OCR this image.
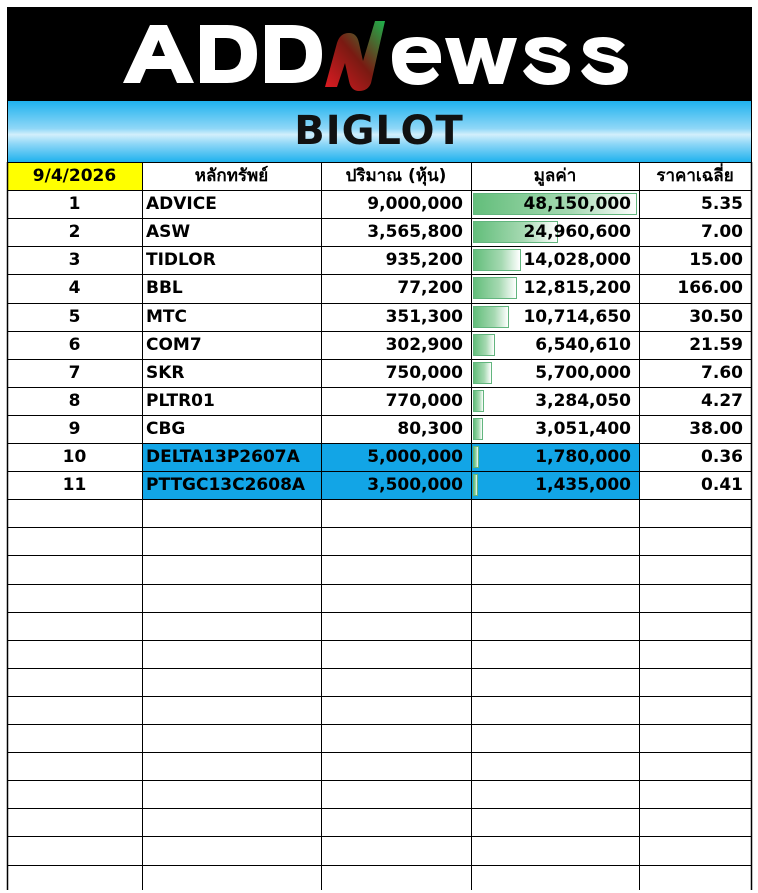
BIGLOT
9/4/2026	หลักทรัพย์	ปริมาณ (หุ้น)	มูลค่า	ราคาเฉลี่ย
1	ADVICE	9,000,000	48,150,000	5.35
2	ASW	3,565,800	24,960,600	7.00
3	TIDLOR	935,200	14,028,000	15.00
4	BBL	77,200	12,815,200	166.00
5	MTC	351,300	10,714,650	30.50
6	COM7	302,900	6,540,610	21.59
7	SKR	750,000	5,700,000	7.60
8	PLTR01	770,000	3,284,050	4.27
9	CBG	80,300	3,051,400	38.00
10	DELTA13P2607A	5,000,000	1,780,000	0.36
11	PTTGC13C2608A	3,500,000	1,435,000	0.41
